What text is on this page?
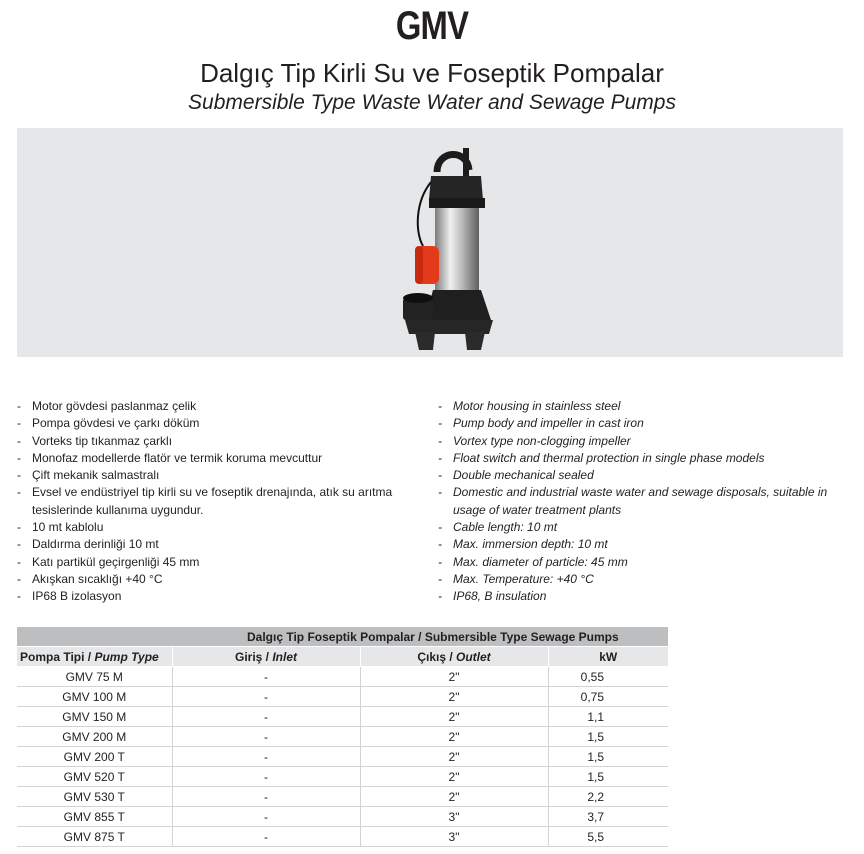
GMV
Dalgıç Tip Kirli Su ve Foseptik Pompalar
Submersible Type Waste Water and Sewage Pumps
- Motor gövdesi paslanmaz çelik
- Pompa gövdesi ve çarkı döküm
- Vorteks tip tıkanmaz çarklı
- Monofaz modellerde flatör ve termik koruma mevcuttur
- Çift mekanik salmastralı
- Evsel ve endüstriyel tip kirli su ve foseptik drenajında, atık su arıtma tesislerinde kullanıma uygundur.
- 10 mt kablolu
- Daldırma derinliği 10 mt
- Katı partikül geçirgenliği 45 mm
- Akışkan sıcaklığı +40 °C
- IP68 B izolasyon
- Motor housing in stainless steel
- Pump body and impeller in cast iron
- Vortex type non-clogging impeller
- Float switch and thermal protection in single phase models
- Double mechanical sealed
- Domestic and industrial waste water and sewage disposals, suitable in usage of water treatment plants
- Cable length: 10 mt
- Max. immersion depth: 10 mt
- Max. diameter of particle: 45 mm
- Max. Temperature: +40 °C
- IP68, B insulation
Dalgıç Tip Foseptik Pompalar / Submersible Type Sewage Pumps			
Pompa Tipi / Pump Type	Giriş / Inlet	Çıkış / Outlet	kW
GMV 75 M	-	2"	0,55
GMV 100 M	-	2"	0,75
GMV 150 M	-	2"	1,1
GMV 200 M	-	2"	1,5
GMV 200 T	-	2"	1,5
GMV 520 T	-	2"	1,5
GMV 530 T	-	2"	2,2
GMV 855 T	-	3"	3,7
GMV 875 T	-	3"	5,5
